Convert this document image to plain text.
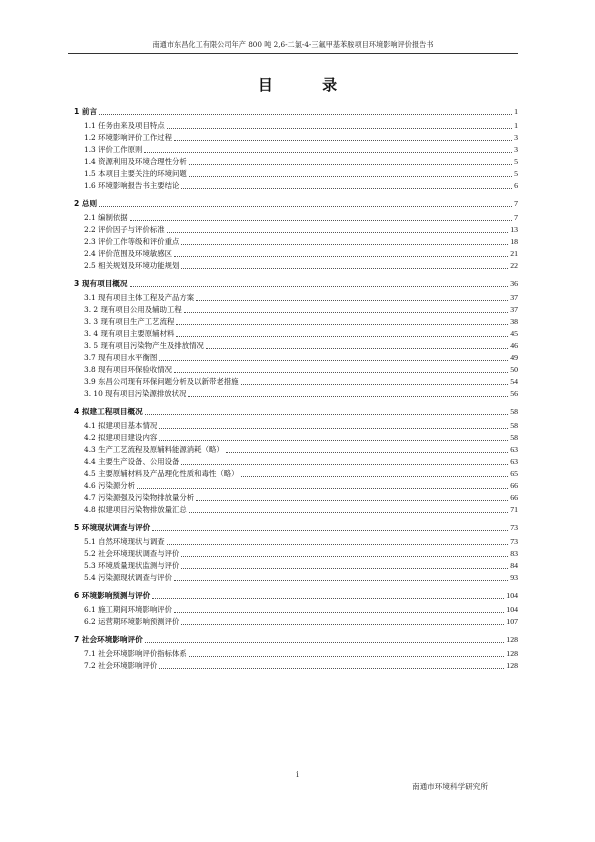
南通市东昌化工有限公司年产 800 吨 2,6-二氯-4-三氟甲基苯胺项目环境影响评价报告书
目 录
1 前言	1
1.1 任务由来及项目特点	1
1.2 环境影响评价工作过程	3
1.3 评价工作原则	3
1.4 资源利用及环境合理性分析	5
1.5 本项目主要关注的环境问题	5
1.6 环境影响报告书主要结论	6
2 总则	7
2.1 编制依据	7
2.2 评价因子与评价标准	13
2.3 评价工作等级和评价重点	18
2.4 评价范围及环境敏感区	21
2.5 相关规划及环境功能规划	22
3 现有项目概况	36
3.1 现有项目主体工程及产品方案	37
3. 2 现有项目公用及辅助工程	37
3. 3 现有项目生产工艺流程	38
3. 4 现有项目主要原辅材料	45
3. 5 现有项目污染物产生及排放情况	46
3.7 现有项目水平衡图	49
3.8 现有项目环保验收情况	50
3.9 东昌公司现有环保问题分析及以新带老措施	54
3. 10 现有项目污染源排放状况	56
4 拟建工程项目概况	58
4.1 拟建项目基本情况	58
4.2 拟建项目建设内容	58
4.3 生产工艺流程及原辅料能源消耗（略）	63
4.4 主要生产设备、公用设备	63
4.5 主要原辅材料及产品理化性质和毒性（略）	65
4.6 污染源分析	66
4.7 污染源强及污染物排放量分析	66
4.8 拟建项目污染物排放量汇总	71
5 环境现状调查与评价	73
5.1 自然环境现状与调查	73
5.2 社会环境现状调查与评价	83
5.3 环境质量现状监测与评价	84
5.4 污染源现状调查与评价	93
6 环境影响预测与评价	104
6.1 施工期间环境影响评价	104
6.2 运营期环境影响预测评价	107
7 社会环境影响评价	128
7.1 社会环境影响评价指标体系	128
7.2 社会环境影响评价	128
i
南通市环境科学研究所
